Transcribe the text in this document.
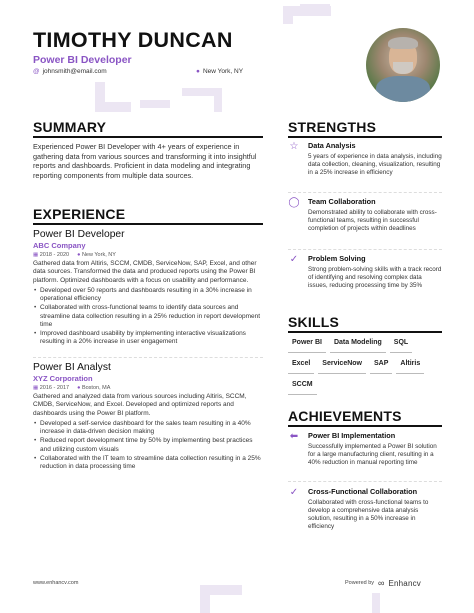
TIMOTHY DUNCAN
Power BI Developer
@ johnsmith@email.com	● New York, NY
SUMMARY
Experienced Power BI Developer with 4+ years of experience in gathering data from various sources and transforming it into insightful reports and dashboards. Proficient in data modeling and integrating reporting components from multiple data sources.
EXPERIENCE
Power BI Developer
ABC Company
▦ 2018 - 2020 ● New York, NY
Gathered data from Altiris, SCCM, CMDB, ServiceNow, SAP, Excel, and other data sources. Transformed the data and produced reports using the Power BI platform. Optimized dashboards with a focus on usability and performance.
• Developed over 50 reports and dashboards resulting in a 30% increase in operational efficiency
• Collaborated with cross-functional teams to identify data sources and streamline data collection resulting in a 25% reduction in report development time
• Improved dashboard usability by implementing interactive visualizations resulting in a 20% increase in user engagement
Power BI Analyst
XYZ Corporation
▦ 2016 - 2017 ● Boston, MA
Gathered and analyzed data from various sources including Altiris, SCCM, CMDB, ServiceNow, and Excel. Developed and optimized reports and dashboards using the Power BI platform.
• Developed a self-service dashboard for the sales team resulting in a 40% increase in data-driven decision making
• Reduced report development time by 50% by implementing best practices and utilizing custom visuals
• Collaborated with the IT team to streamline data collection resulting in a 25% reduction in data processing time
STRENGTHS
☆ Data Analysis
5 years of experience in data analysis, including data collection, cleaning, visualization, resulting in a 25% increase in efficiency
◯ Team Collaboration
Demonstrated ability to collaborate with cross-functional teams, resulting in successful completion of projects within deadlines
✓ Problem Solving
Strong problem-solving skills with a track record of identifying and resolving complex data issues, reducing processing time by 35%
SKILLS
Power BI	Data Modeling	SQL
Excel	ServiceNow	SAP	Altiris
SCCM
ACHIEVEMENTS
⬅ Power BI Implementation
Successfully implemented a Power BI solution for a large manufacturing client, resulting in a 40% reduction in manual reporting time
✓ Cross-Functional Collaboration
Collaborated with cross-functional teams to develop a comprehensive data analysis solution, resulting in a 50% increase in efficiency
www.enhancv.com	Powered by ∞ Enhancv
